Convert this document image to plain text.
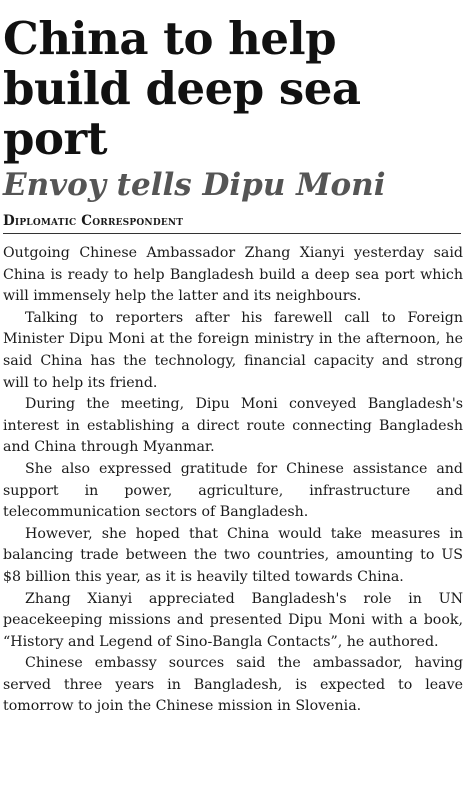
China to help build deep sea port
Envoy tells Dipu Moni
Diplomatic Correspondent

Outgoing Chinese Ambassador Zhang Xianyi yesterday said China is ready to help Bangladesh build a deep sea port which will immensely help the latter and its neighbours.

Talking to reporters after his farewell call to Foreign Minister Dipu Moni at the foreign ministry in the afternoon, he said China has the technology, financial capacity and strong will to help its friend.

During the meeting, Dipu Moni conveyed Bangladesh's interest in establishing a direct route connecting Bangladesh and China through Myanmar.

She also expressed gratitude for Chinese assistance and support in power, agriculture, infrastructure and telecommunication sectors of Bangladesh.

However, she hoped that China would take measures in balancing trade between the two countries, amounting to US $8 billion this year, as it is heavily tilted towards China.

Zhang Xianyi appreciated Bangladesh's role in UN peacekeeping missions and presented Dipu Moni with a book, “History and Legend of Sino-Bangla Contacts”, he authored.

Chinese embassy sources said the ambassador, having served three years in Bangladesh, is expected to leave tomorrow to join the Chinese mission in Slovenia.
